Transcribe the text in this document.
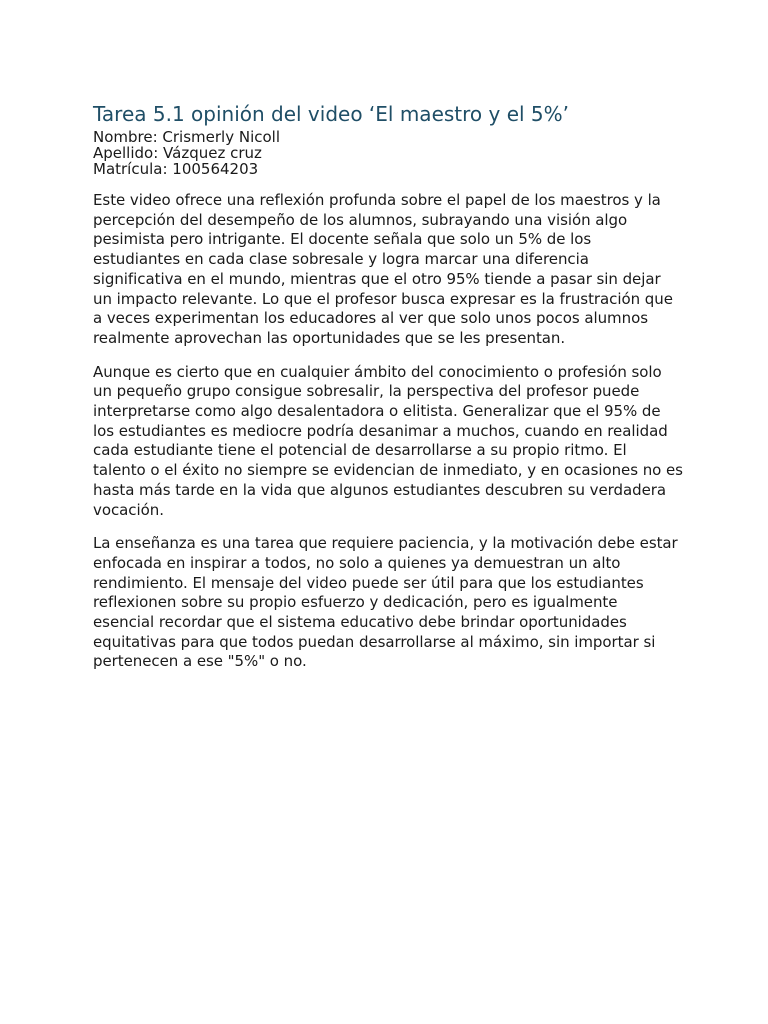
Tarea 5.1 opinión del video ‘El maestro y el 5%’

Nombre: Crismerly Nicoll

Apellido: Vázquez cruz

Matrícula: 100564203

Este video ofrece una reflexión profunda sobre el papel de los maestros y la percepción del desempeño de los alumnos, subrayando una visión algo pesimista pero intrigante. El docente señala que solo un 5% de los estudiantes en cada clase sobresale y logra marcar una diferencia significativa en el mundo, mientras que el otro 95% tiende a pasar sin dejar un impacto relevante. Lo que el profesor busca expresar es la frustración que a veces experimentan los educadores al ver que solo unos pocos alumnos realmente aprovechan las oportunidades que se les presentan.

Aunque es cierto que en cualquier ámbito del conocimiento o profesión solo un pequeño grupo consigue sobresalir, la perspectiva del profesor puede interpretarse como algo desalentadora o elitista. Generalizar que el 95% de los estudiantes es mediocre podría desanimar a muchos, cuando en realidad cada estudiante tiene el potencial de desarrollarse a su propio ritmo. El talento o el éxito no siempre se evidencian de inmediato, y en ocasiones no es hasta más tarde en la vida que algunos estudiantes descubren su verdadera vocación.

La enseñanza es una tarea que requiere paciencia, y la motivación debe estar enfocada en inspirar a todos, no solo a quienes ya demuestran un alto rendimiento. El mensaje del video puede ser útil para que los estudiantes reflexionen sobre su propio esfuerzo y dedicación, pero es igualmente esencial recordar que el sistema educativo debe brindar oportunidades equitativas para que todos puedan desarrollarse al máximo, sin importar si pertenecen a ese "5%" o no.
